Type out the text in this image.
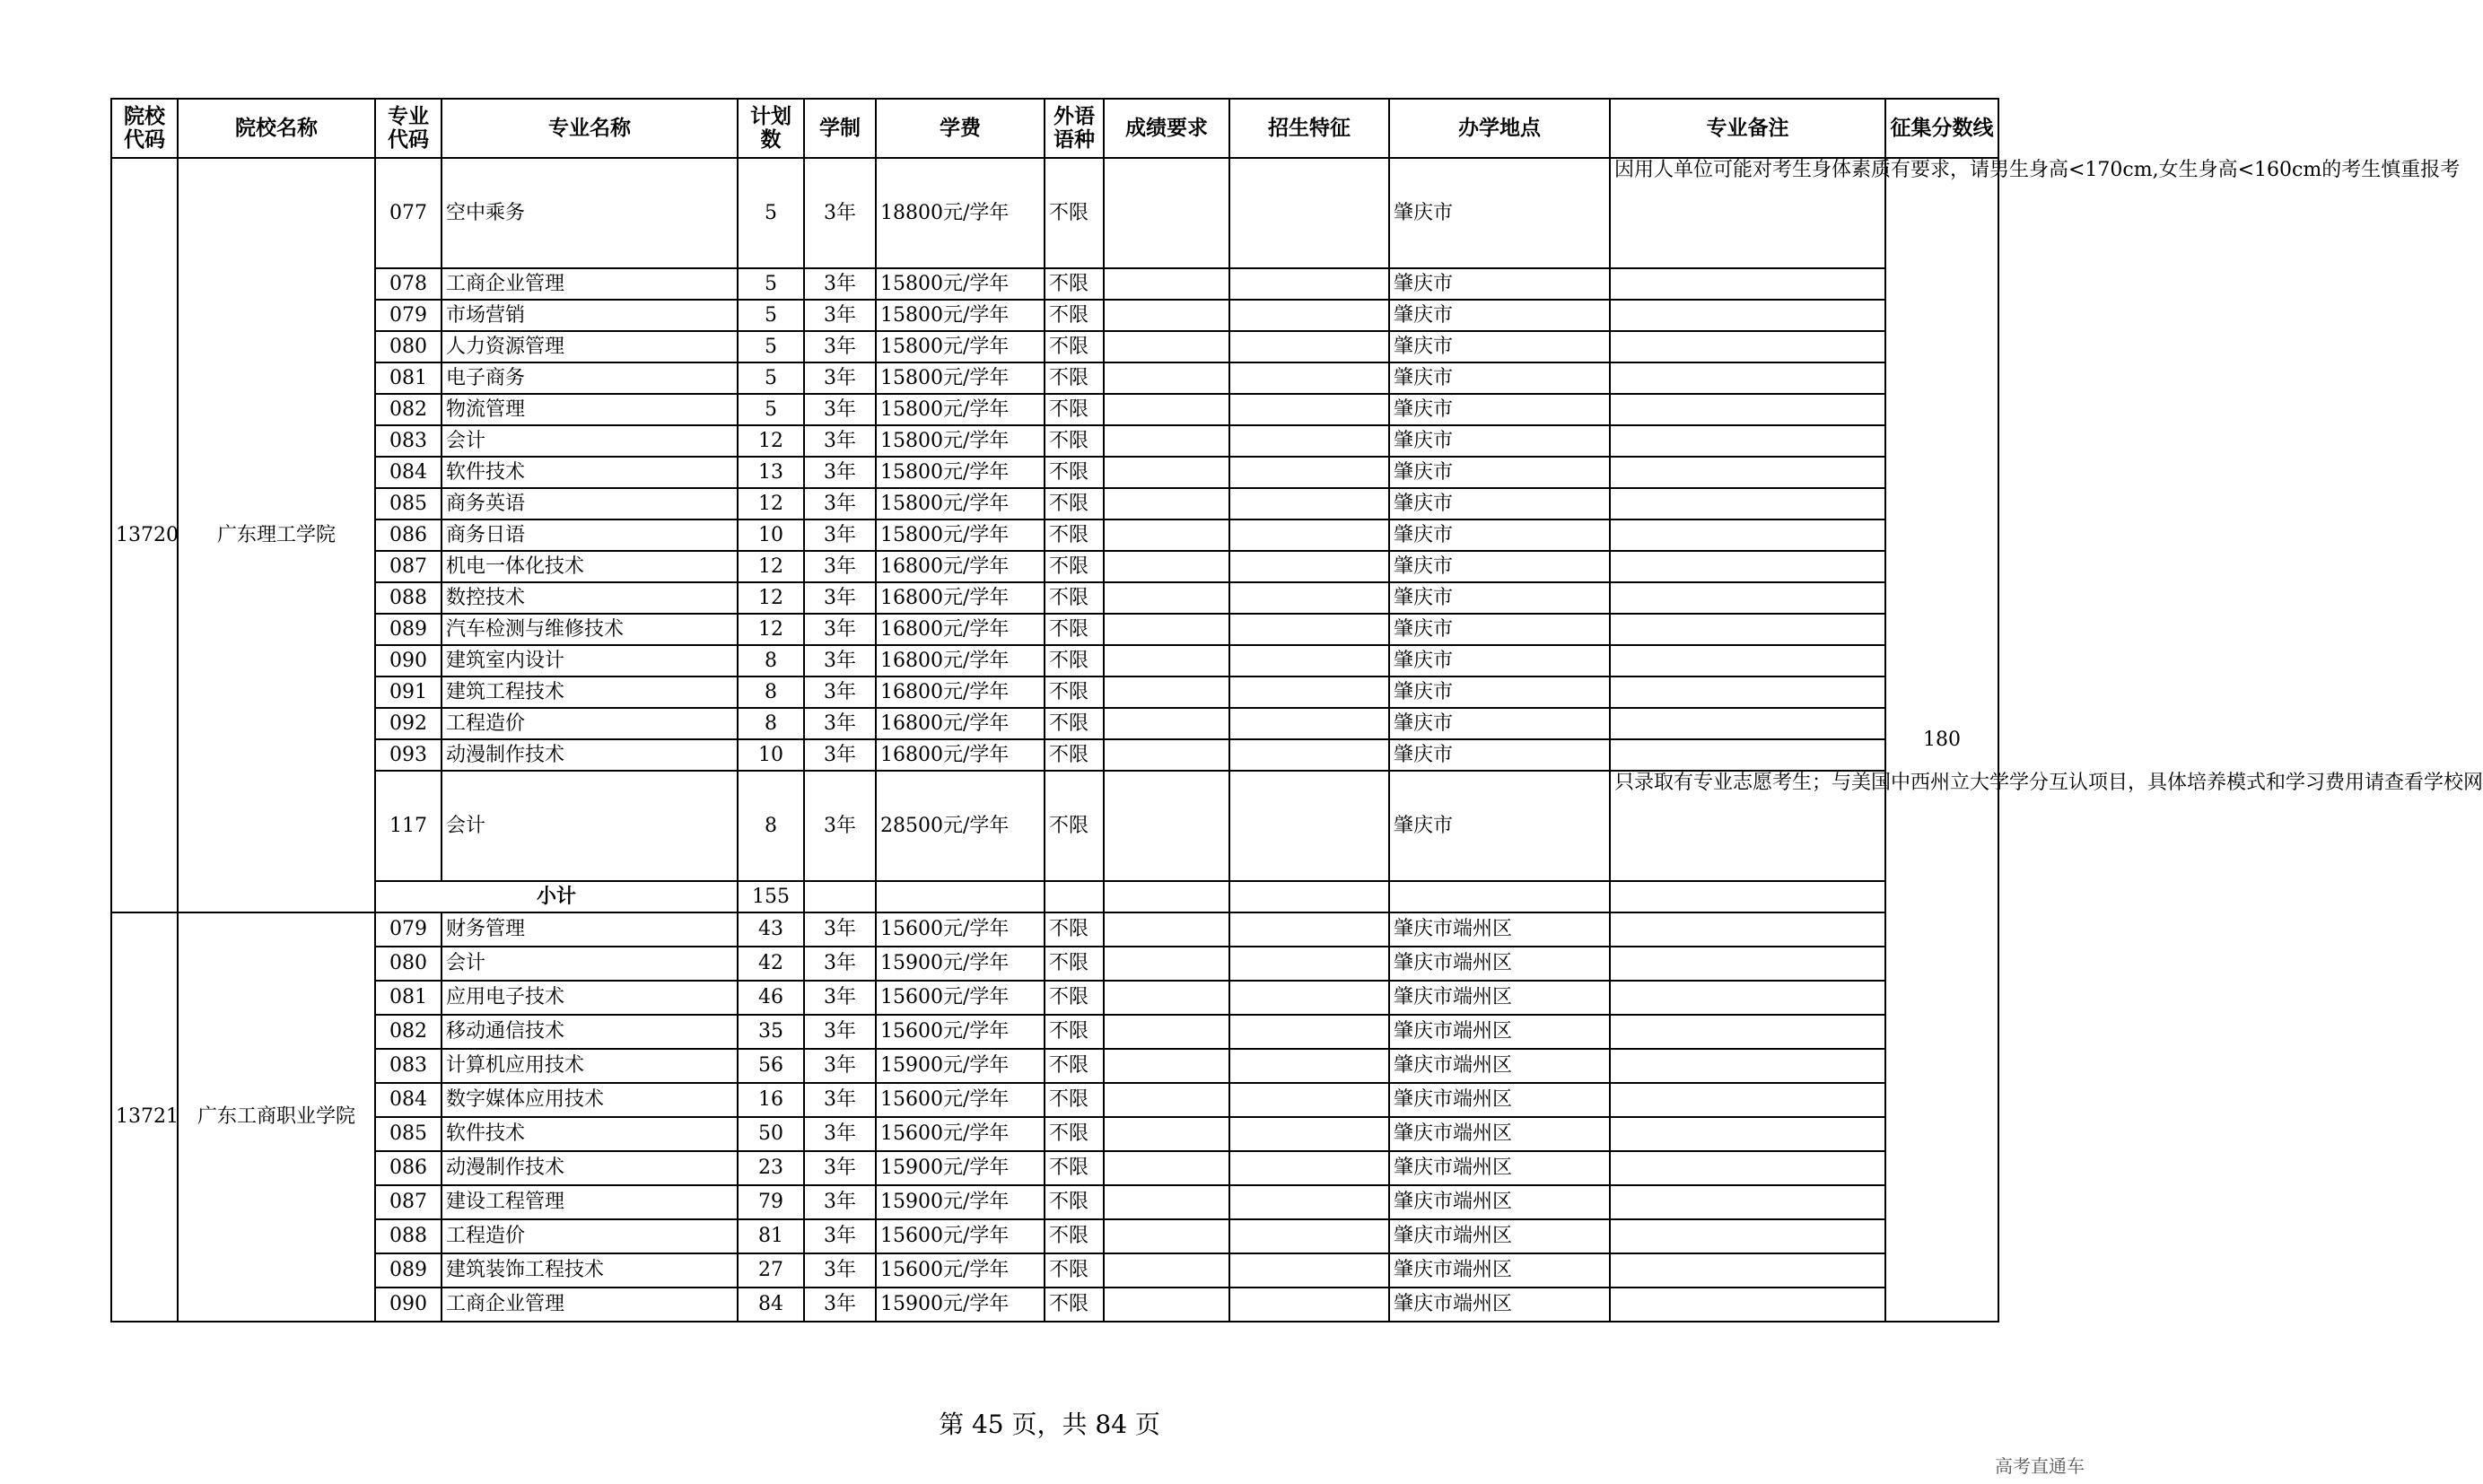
院校代码	院校名称	专业代码	专业名称	计划数	学制	学费	外语语种	成绩要求	招生特征	办学地点	专业备注	征集分数线
13720	广东理工学院	077	空中乘务	5	3年	18800元/学年	不限			肇庆市	因用人单位可能对考生身体素质有要求，请男生身高<170cm,女生身高<160cm的考生慎重报考	180
		078	工商企业管理	5	3年	15800元/学年	不限			肇庆市		
		079	市场营销	5	3年	15800元/学年	不限			肇庆市		
		080	人力资源管理	5	3年	15800元/学年	不限			肇庆市		
		081	电子商务	5	3年	15800元/学年	不限			肇庆市		
		082	物流管理	5	3年	15800元/学年	不限			肇庆市		
		083	会计	12	3年	15800元/学年	不限			肇庆市		
		084	软件技术	13	3年	15800元/学年	不限			肇庆市		
		085	商务英语	12	3年	15800元/学年	不限			肇庆市		
		086	商务日语	10	3年	15800元/学年	不限			肇庆市		
		087	机电一体化技术	12	3年	16800元/学年	不限			肇庆市		
		088	数控技术	12	3年	16800元/学年	不限			肇庆市		
		089	汽车检测与维修技术	12	3年	16800元/学年	不限			肇庆市		
		090	建筑室内设计	8	3年	16800元/学年	不限			肇庆市		
		091	建筑工程技术	8	3年	16800元/学年	不限			肇庆市		
		092	工程造价	8	3年	16800元/学年	不限			肇庆市		
		093	动漫制作技术	10	3年	16800元/学年	不限			肇庆市		
		117	会计	8	3年	28500元/学年	不限			肇庆市	只录取有专业志愿考生；与美国中西州立大学学分互认项目，具体培养模式和学习费用请查看学校网	
		小计		155								
13721	广东工商职业学院	079	财务管理	43	3年	15600元/学年	不限			肇庆市端州区		
		080	会计	42	3年	15900元/学年	不限			肇庆市端州区		
		081	应用电子技术	46	3年	15600元/学年	不限			肇庆市端州区		
		082	移动通信技术	35	3年	15600元/学年	不限			肇庆市端州区		
		083	计算机应用技术	56	3年	15900元/学年	不限			肇庆市端州区		
		084	数字媒体应用技术	16	3年	15600元/学年	不限			肇庆市端州区		
		085	软件技术	50	3年	15600元/学年	不限			肇庆市端州区		
		086	动漫制作技术	23	3年	15900元/学年	不限			肇庆市端州区		
		087	建设工程管理	79	3年	15900元/学年	不限			肇庆市端州区		
		088	工程造价	81	3年	15600元/学年	不限			肇庆市端州区		
		089	建筑装饰工程技术	27	3年	15600元/学年	不限			肇庆市端州区		
		090	工商企业管理	84	3年	15900元/学年	不限			肇庆市端州区		
第 45 页，共 84 页
高考直通车
